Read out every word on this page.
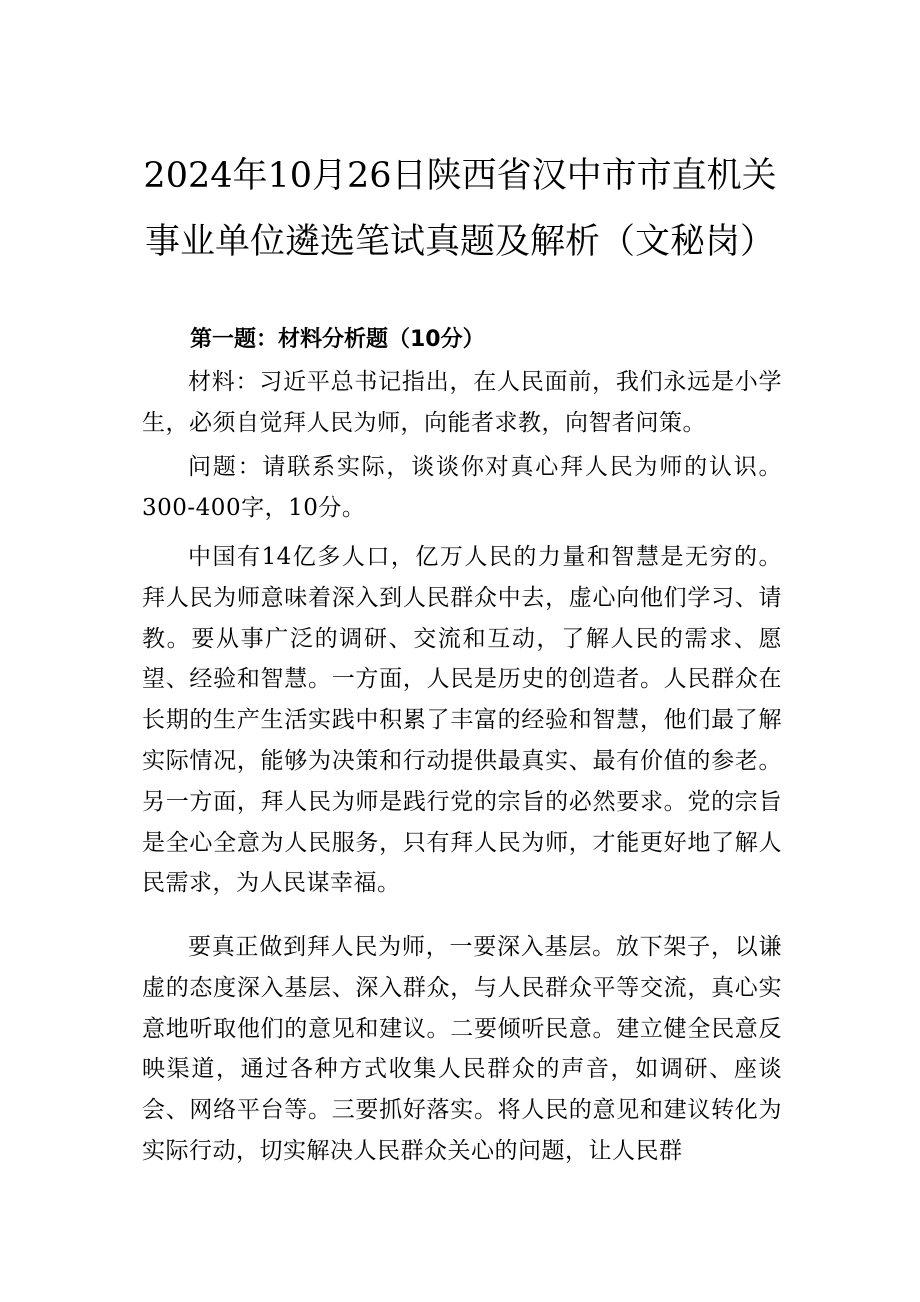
2024年10月26日陕西省汉中市市直机关
事业单位遴选笔试真题及解析（文秘岗）
第一题：材料分析题（10分）

材料：习近平总书记指出，在人民面前，我们永远是小学生，必须自觉拜人民为师，向能者求教，向智者问策。

问题：请联系实际，谈谈你对真心拜人民为师的认识。300-400字，10分。

中国有14亿多人口，亿万人民的力量和智慧是无穷的。拜人民为师意味着深入到人民群众中去，虚心向他们学习、请教。要从事广泛的调研、交流和互动，了解人民的需求、愿望、经验和智慧。一方面，人民是历史的创造者。人民群众在长期的生产生活实践中积累了丰富的经验和智慧，他们最了解实际情况，能够为决策和行动提供最真实、最有价值的参老。另一方面，拜人民为师是践行党的宗旨的必然要求。党的宗旨是全心全意为人民服务，只有拜人民为师，才能更好地了解人民需求，为人民谋幸福。

要真正做到拜人民为师，一要深入基层。放下架子，以谦虚的态度深入基层、深入群众，与人民群众平等交流，真心实意地听取他们的意见和建议。二要倾听民意。建立健全民意反映渠道，通过各种方式收集人民群众的声音，如调研、座谈会、网络平台等。三要抓好落实。将人民的意见和建议转化为实际行动，切实解决人民群众关心的问题，让人民群
